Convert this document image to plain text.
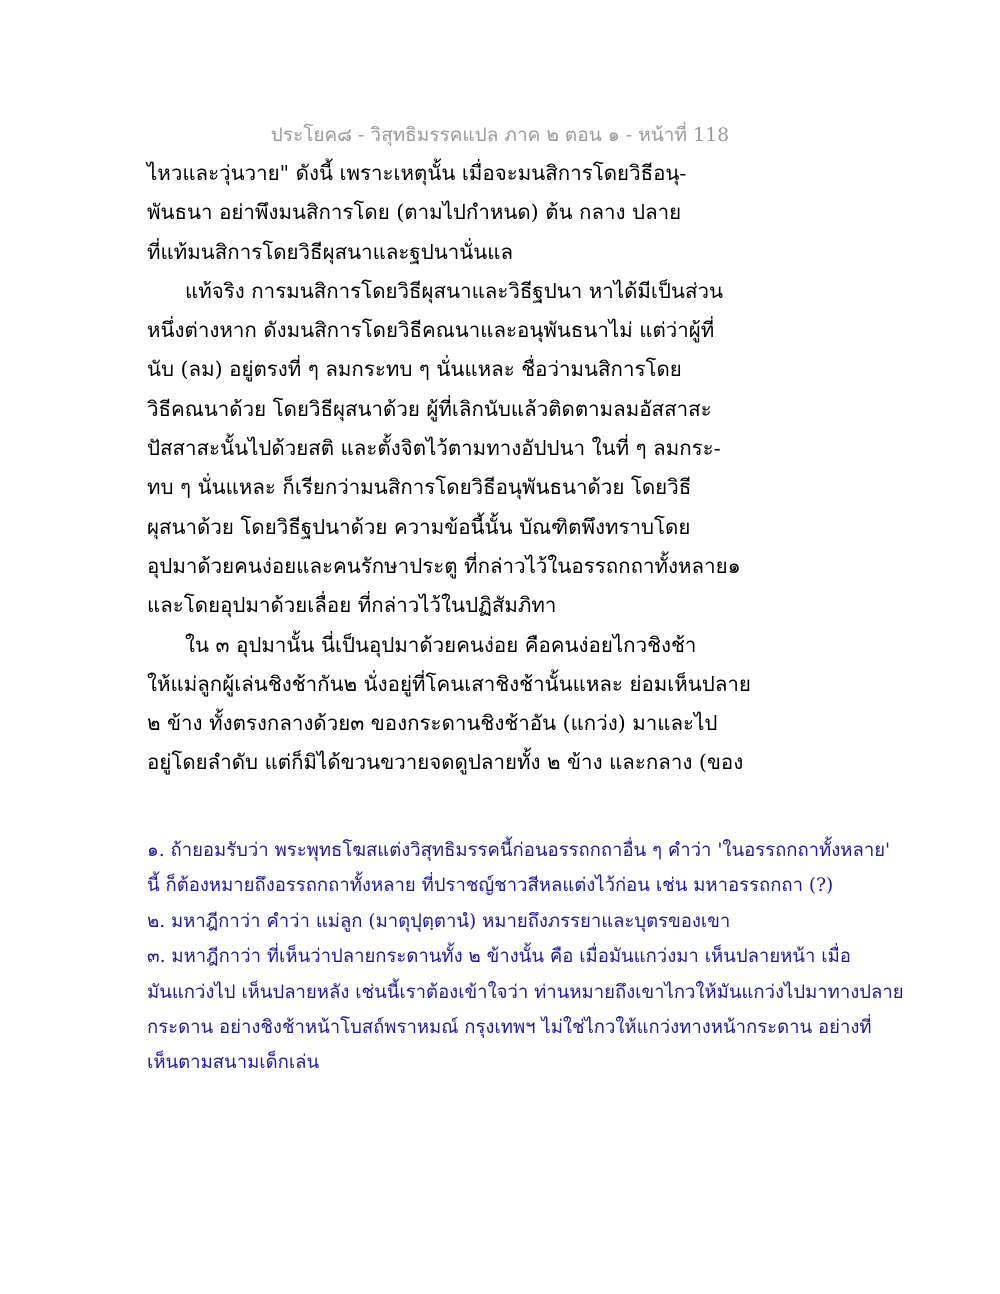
ประโยค๘ - วิสุทธิมรรคแปล ภาค ๒ ตอน ๑ - หน้าที่ 118
ไหวและวุ่นวาย" ดังนี้ เพราะเหตุนั้น เมื่อจะมนสิการโดยวิธีอนุ-
พันธนา อย่าพึงมนสิการโดย (ตามไปกำหนด) ต้น กลาง ปลาย
ที่แท้มนสิการโดยวิธีผุสนาและฐปนานั่นแล
แท้จริง การมนสิการโดยวิธีผุสนาและวิธีฐปนา หาได้มีเป็นส่วน
หนึ่งต่างหาก ดังมนสิการโดยวิธีคณนาและอนุพันธนาไม่ แต่ว่าผู้ที่
นับ (ลม) อยู่ตรงที่ ๆ ลมกระทบ ๆ นั่นแหละ ชื่อว่ามนสิการโดย
วิธีคณนาด้วย โดยวิธีผุสนาด้วย ผู้ที่เลิกนับแล้วติดตามลมอัสสาสะ
ปัสสาสะนั้นไปด้วยสติ และตั้งจิตไว้ตามทางอัปปนา ในที่ ๆ ลมกระ-
ทบ ๆ นั่นแหละ ก็เรียกว่ามนสิการโดยวิธีอนุพันธนาด้วย โดยวิธี
ผุสนาด้วย โดยวิธีฐปนาด้วย ความข้อนี้นั้น บัณฑิตพึงทราบโดย
อุปมาด้วยคนง่อยและคนรักษาประตู ที่กล่าวไว้ในอรรถกถาทั้งหลาย๑
และโดยอุปมาด้วยเลื่อย ที่กล่าวไว้ในปฏิสัมภิทา
ใน ๓ อุปมานั้น นี่เป็นอุปมาด้วยคนง่อย คือคนง่อยไกวชิงช้า
ให้แม่ลูกผู้เล่นชิงช้ากัน๒ นั่งอยู่ที่โคนเสาชิงช้านั้นแหละ ย่อมเห็นปลาย
๒ ข้าง ทั้งตรงกลางด้วย๓ ของกระดานชิงช้าอัน (แกว่ง) มาและไป
อยู่โดยลำดับ แต่ก็มิได้ขวนขวายจดดูปลายทั้ง ๒ ข้าง และกลาง (ของ
๑. ถ้ายอมรับว่า พระพุทธโฆสแต่งวิสุทธิมรรคนี้ก่อนอรรถกถาอื่น ๆ คำว่า 'ในอรรถกถาทั้งหลาย'
นี้ ก็ต้องหมายถึงอรรถกถาทั้งหลาย ที่ปราชญ์ชาวสีหลแต่งไว้ก่อน เช่น มหาอรรถกถา (?)
๒. มหาฎีกาว่า คำว่า แม่ลูก (มาตุปุตฺตานํ) หมายถึงภรรยาและบุตรของเขา
๓. มหาฎีกาว่า ที่เห็นว่าปลายกระดานทั้ง ๒ ข้างนั้น คือ เมื่อมันแกว่งมา เห็นปลายหน้า เมื่อ
มันแกว่งไป เห็นปลายหลัง เช่นนี้เราต้องเข้าใจว่า ท่านหมายถึงเขาไกวให้มันแกว่งไปมาทางปลาย
กระดาน อย่างชิงช้าหน้าโบสถ์พราหมณ์ กรุงเทพฯ ไม่ใช่ไกวให้แกว่งทางหน้ากระดาน อย่างที่
เห็นตามสนามเด็กเล่น
